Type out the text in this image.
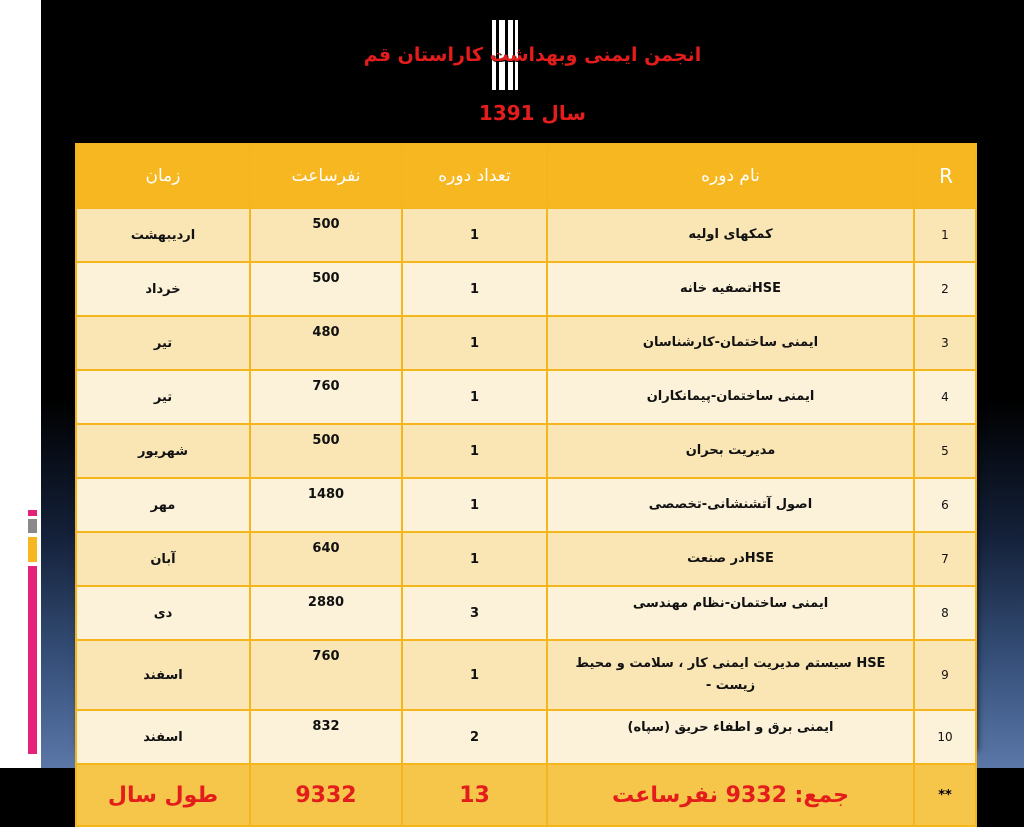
انجمن ایمنی وبهداشت کاراستان قم
سال 1391
زمان	نفرساعت	تعداد دوره	نام دوره	R
اردیبهشت	500	1	کمکهای اولیه	1
خرداد	500	1	HSEتصفیه خانه	2
تیر	480	1	ایمنی ساختمان-کارشناسان	3
تیر	760	1	ایمنی ساختمان-پیمانکاران	4
شهریور	500	1	مدیریت بحران	5
مهر	1480	1	اصول آتشنشانی-تخصصی	6
آبان	640	1	HSEدر صنعت	7
دی	2880	3	ایمنی ساختمان-نظام مهندسی	8
اسفند	760	1	HSE سیستم مدیریت ایمنی کار ، سلامت و محیط زیست -	9
اسفند	832	2	ایمنی برق و اطفاء حریق (سپاه)	10
طول سال	9332	13	جمع: 9332 نفرساعت	**
